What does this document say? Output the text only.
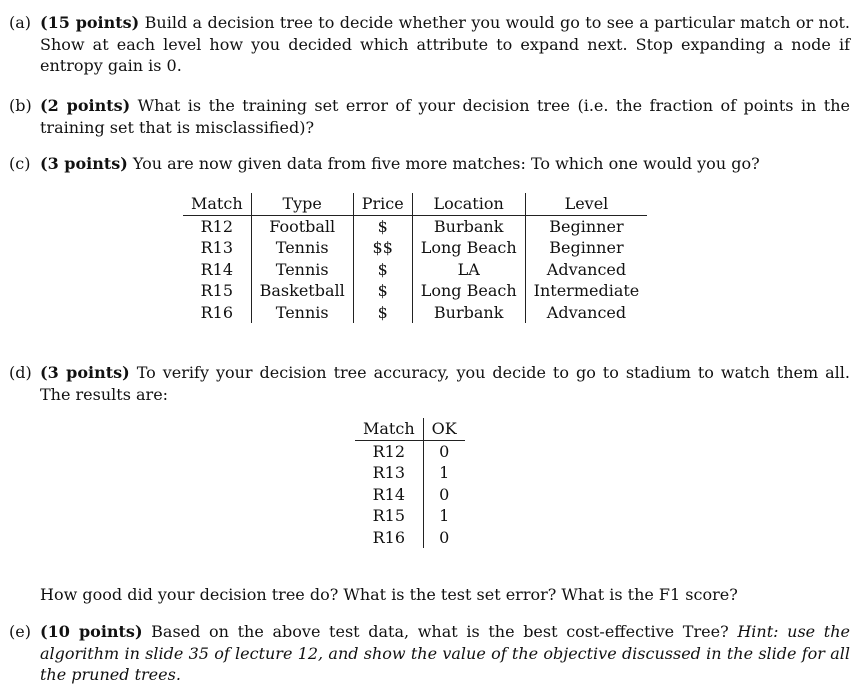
(a) (15 points) Build a decision tree to decide whether you would go to see a particular match or not. Show at each level how you decided which attribute to expand next. Stop expanding a node if entropy gain is 0.
(b) (2 points) What is the training set error of your decision tree (i.e. the fraction of points in the training set that is misclassified)?
(c) (3 points) You are now given data from five more matches: To which one would you go?
Match	Type	Price	Location	Level
R12	Football	$	Burbank	Beginner
R13	Tennis	$$	Long Beach	Beginner
R14	Tennis	$	LA	Advanced
R15	Basketball	$	Long Beach	Intermediate
R16	Tennis	$	Burbank	Advanced
(d) (3 points) To verify your decision tree accuracy, you decide to go to stadium to watch them all. The results are:
Match	OK
R12	0
R13	1
R14	0
R15	1
R16	0
How good did your decision tree do? What is the test set error? What is the F1 score?
(e) (10 points) Based on the above test data, what is the best cost-effective Tree? Hint: use the algorithm in slide 35 of lecture 12, and show the value of the objective discussed in the slide for all the pruned trees.
